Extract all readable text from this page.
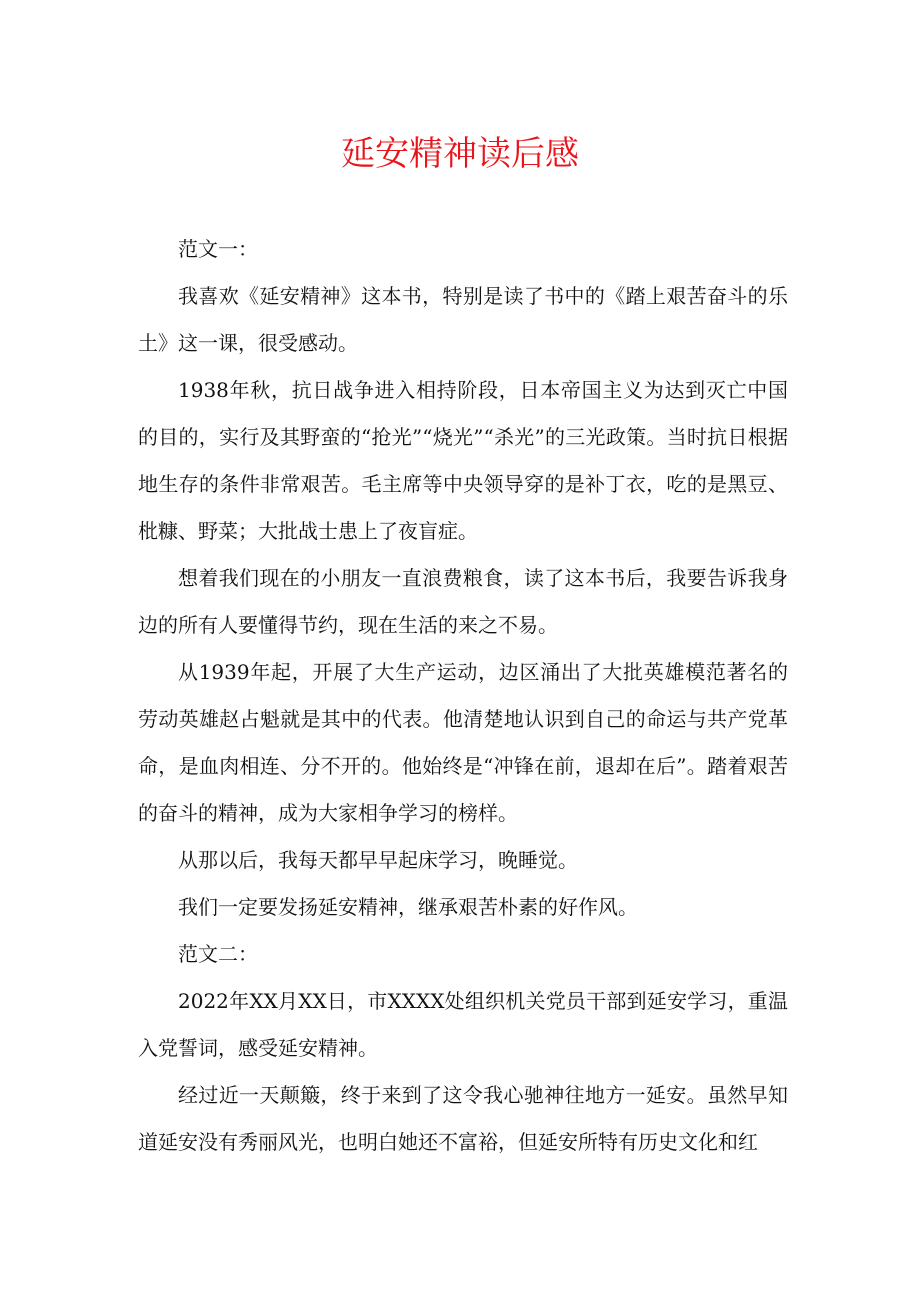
延安精神读后感

范文一：

我喜欢《延安精神》这本书，特别是读了书中的《踏上艰苦奋斗的乐土》这一课，很受感动。

1938年秋，抗日战争进入相持阶段，日本帝国主义为达到灭亡中国的目的，实行及其野蛮的“抢光”“烧光”“杀光”的三光政策。当时抗日根据地生存的条件非常艰苦。毛主席等中央领导穿的是补丁衣，吃的是黑豆、枇糠、野菜；大批战士患上了夜盲症。

想着我们现在的小朋友一直浪费粮食，读了这本书后，我要告诉我身边的所有人要懂得节约，现在生活的来之不易。

从1939年起，开展了大生产运动，边区涌出了大批英雄模范著名的劳动英雄赵占魁就是其中的代表。他清楚地认识到自己的命运与共产党革命，是血肉相连、分不开的。他始终是“冲锋在前，退却在后”。踏着艰苦的奋斗的精神，成为大家相争学习的榜样。

从那以后，我每天都早早起床学习，晚睡觉。

我们一定要发扬延安精神，继承艰苦朴素的好作风。

范文二：

2022年XX月XX日，市XXXX处组织机关党员干部到延安学习，重温入党誓词，感受延安精神。

经过近一天颠簸，终于来到了这令我心驰神往地方一延安。虽然早知道延安没有秀丽风光，也明白她还不富裕，但延安所特有历史文化和红
